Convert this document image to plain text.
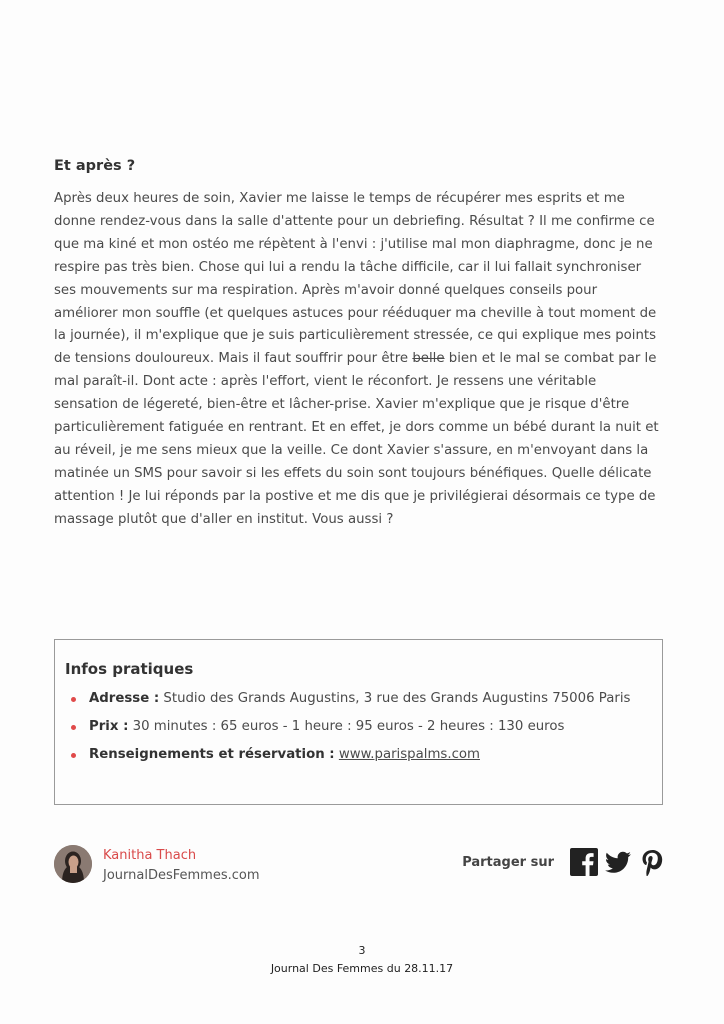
Et après ?

Après deux heures de soin, Xavier me laisse le temps de récupérer mes esprits et me donne rendez-vous dans la salle d'attente pour un debriefing. Résultat ? Il me confirme ce que ma kiné et mon ostéo me répètent à l'envi : j'utilise mal mon diaphragme, donc je ne respire pas très bien. Chose qui lui a rendu la tâche difficile, car il lui fallait synchroniser ses mouvements sur ma respiration. Après m'avoir donné quelques conseils pour améliorer mon souffle (et quelques astuces pour rééduquer ma cheville à tout moment de la journée), il m'explique que je suis particulièrement stressée, ce qui explique mes points de tensions douloureux. Mais il faut souffrir pour être belle bien et le mal se combat par le mal paraît-il. Dont acte : après l'effort, vient le réconfort. Je ressens une véritable sensation de légereté, bien-être et lâcher-prise. Xavier m'explique que je risque d'être particulièrement fatiguée en rentrant. Et en effet, je dors comme un bébé durant la nuit et au réveil, je me sens mieux que la veille. Ce dont Xavier s'assure, en m'envoyant dans la matinée un SMS pour savoir si les effets du soin sont toujours bénéfiques. Quelle délicate attention ! Je lui réponds par la postive et me dis que je privilégierai désormais ce type de massage plutôt que d'aller en institut. Vous aussi ?

Infos pratiques
Adresse : Studio des Grands Augustins, 3 rue des Grands Augustins 75006 Paris
Prix : 30 minutes : 65 euros - 1 heure : 95 euros - 2 heures : 130 euros
Renseignements et réservation : www.parispalms.com
Kanitha Thach
JournalDesFemmes.com
Partager sur
3
Journal Des Femmes du 28.11.17
